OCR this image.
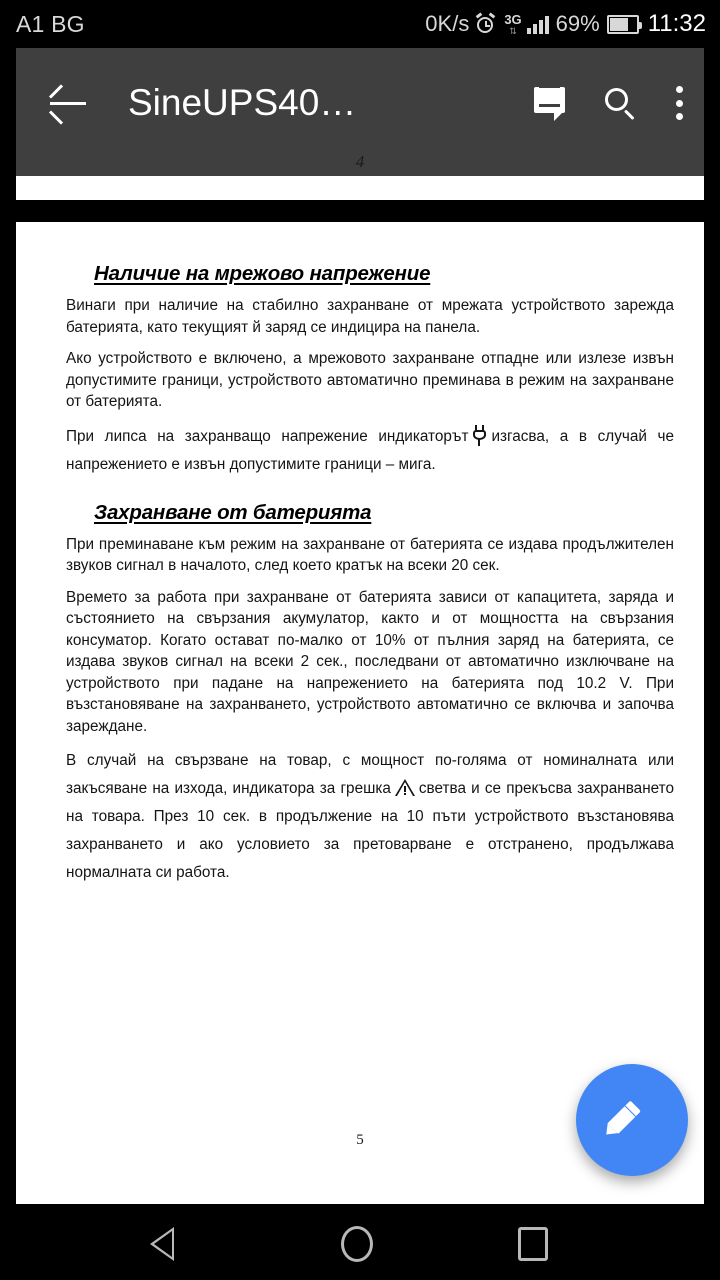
A1 BG	0K/s	3G
⇅ 69% 11:32
SineUPS40…
4
Наличие на мрежово напрежение

Винаги при наличие на стабилно захранване от мрежата устройството зарежда батерията, като текущият й заряд се индицира на панела.

Ако устройството е включено, а мрежовото захранване отпадне или излезе извън допустимите граници, устройството автоматично преминава в режим на захранване от батерията.

При липса на захранващо напрежение индикаторът изгасва, а в случай че напрежението е извън допустимите граници – мига.

Захранване от батерията

При преминаване към режим на захранване от батерията се издава продължителен звуков сигнал в началото, след което кратък на всеки 20 сек.

Времето за работа при захранване от батерията зависи от капацитета, заряда и състоянието на свързания акумулатор, както и от мощността на свързания консуматор. Когато остават по-малко от 10% от пълния заряд на батерията, се издава звуков сигнал на всеки 2 сек., последвани от автоматично изключване на устройството при падане на напрежението на батерията под 10.2 V. При възстановяване на захранването, устройството автоматично се включва и започва зареждане.

В случай на свързване на товар, с мощност по-голяма от номиналната или закъсяване на изхода, индикатора за грешка светва и се прекъсва захранването на товара. През 10 сек. в продължение на 10 пъти устройството възстановява захранването и ако условието за претоварване е отстранено, продължава нормалната си работа.

5
